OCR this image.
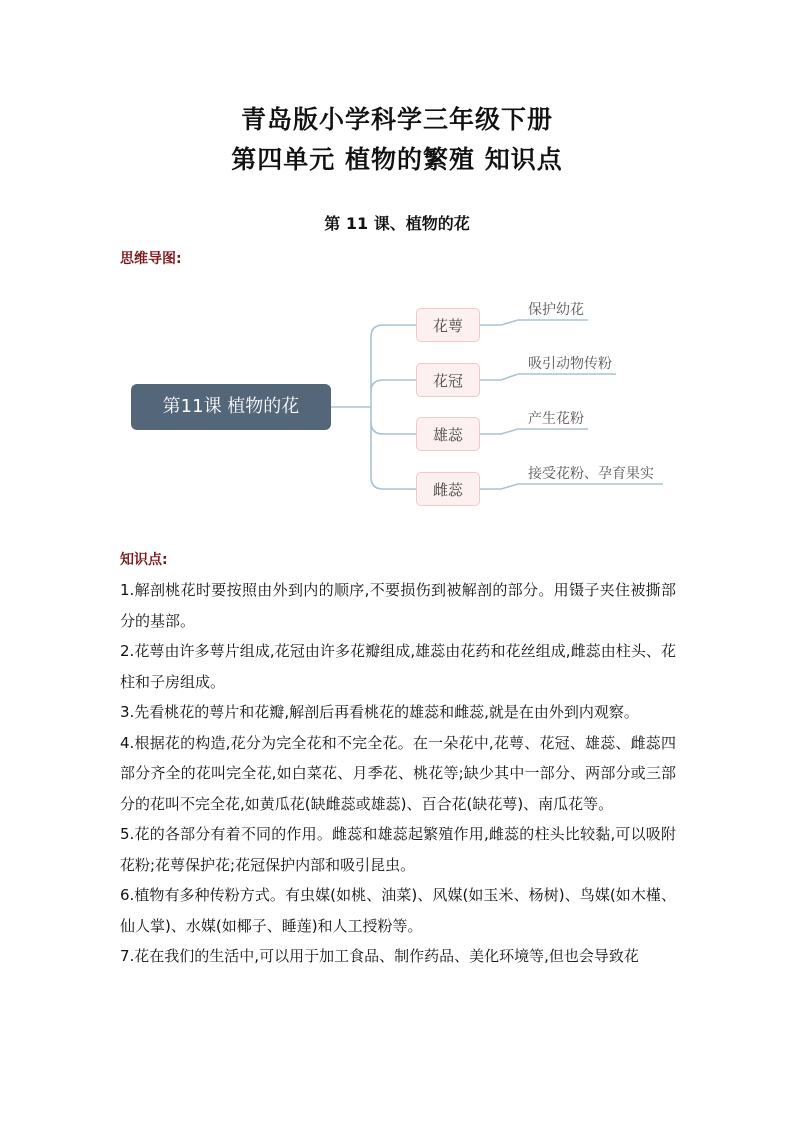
青岛版小学科学三年级下册
第四单元 植物的繁殖 知识点
第 11 课、植物的花
思维导图:
第11课 植物的花
花萼
花冠
雄蕊
雌蕊
保护幼花
吸引动物传粉
产生花粉
接受花粉、孕育果实
知识点:

1.解剖桃花时要按照由外到内的顺序,不要损伤到被解剖的部分。用镊子夹住被撕部分的基部。

2.花萼由许多萼片组成,花冠由许多花瓣组成,雄蕊由花药和花丝组成,雌蕊由柱头、花柱和子房组成。

3.先看桃花的萼片和花瓣,解剖后再看桃花的雄蕊和雌蕊,就是在由外到内观察。

4.根据花的构造,花分为完全花和不完全花。在一朵花中,花萼、花冠、雄蕊、雌蕊四部分齐全的花叫完全花,如白菜花、月季花、桃花等;缺少其中一部分、两部分或三部分的花叫不完全花,如黄瓜花(缺雌蕊或雄蕊)、百合花(缺花萼)、南瓜花等。

5.花的各部分有着不同的作用。雌蕊和雄蕊起繁殖作用,雌蕊的柱头比较黏,可以吸附花粉;花萼保护花;花冠保护内部和吸引昆虫。

6.植物有多种传粉方式。有虫媒(如桃、油菜)、风媒(如玉米、杨树)、鸟媒(如木槿、仙人掌)、水媒(如椰子、睡莲)和人工授粉等。

7.花在我们的生活中,可以用于加工食品、制作药品、美化环境等,但也会导致花
